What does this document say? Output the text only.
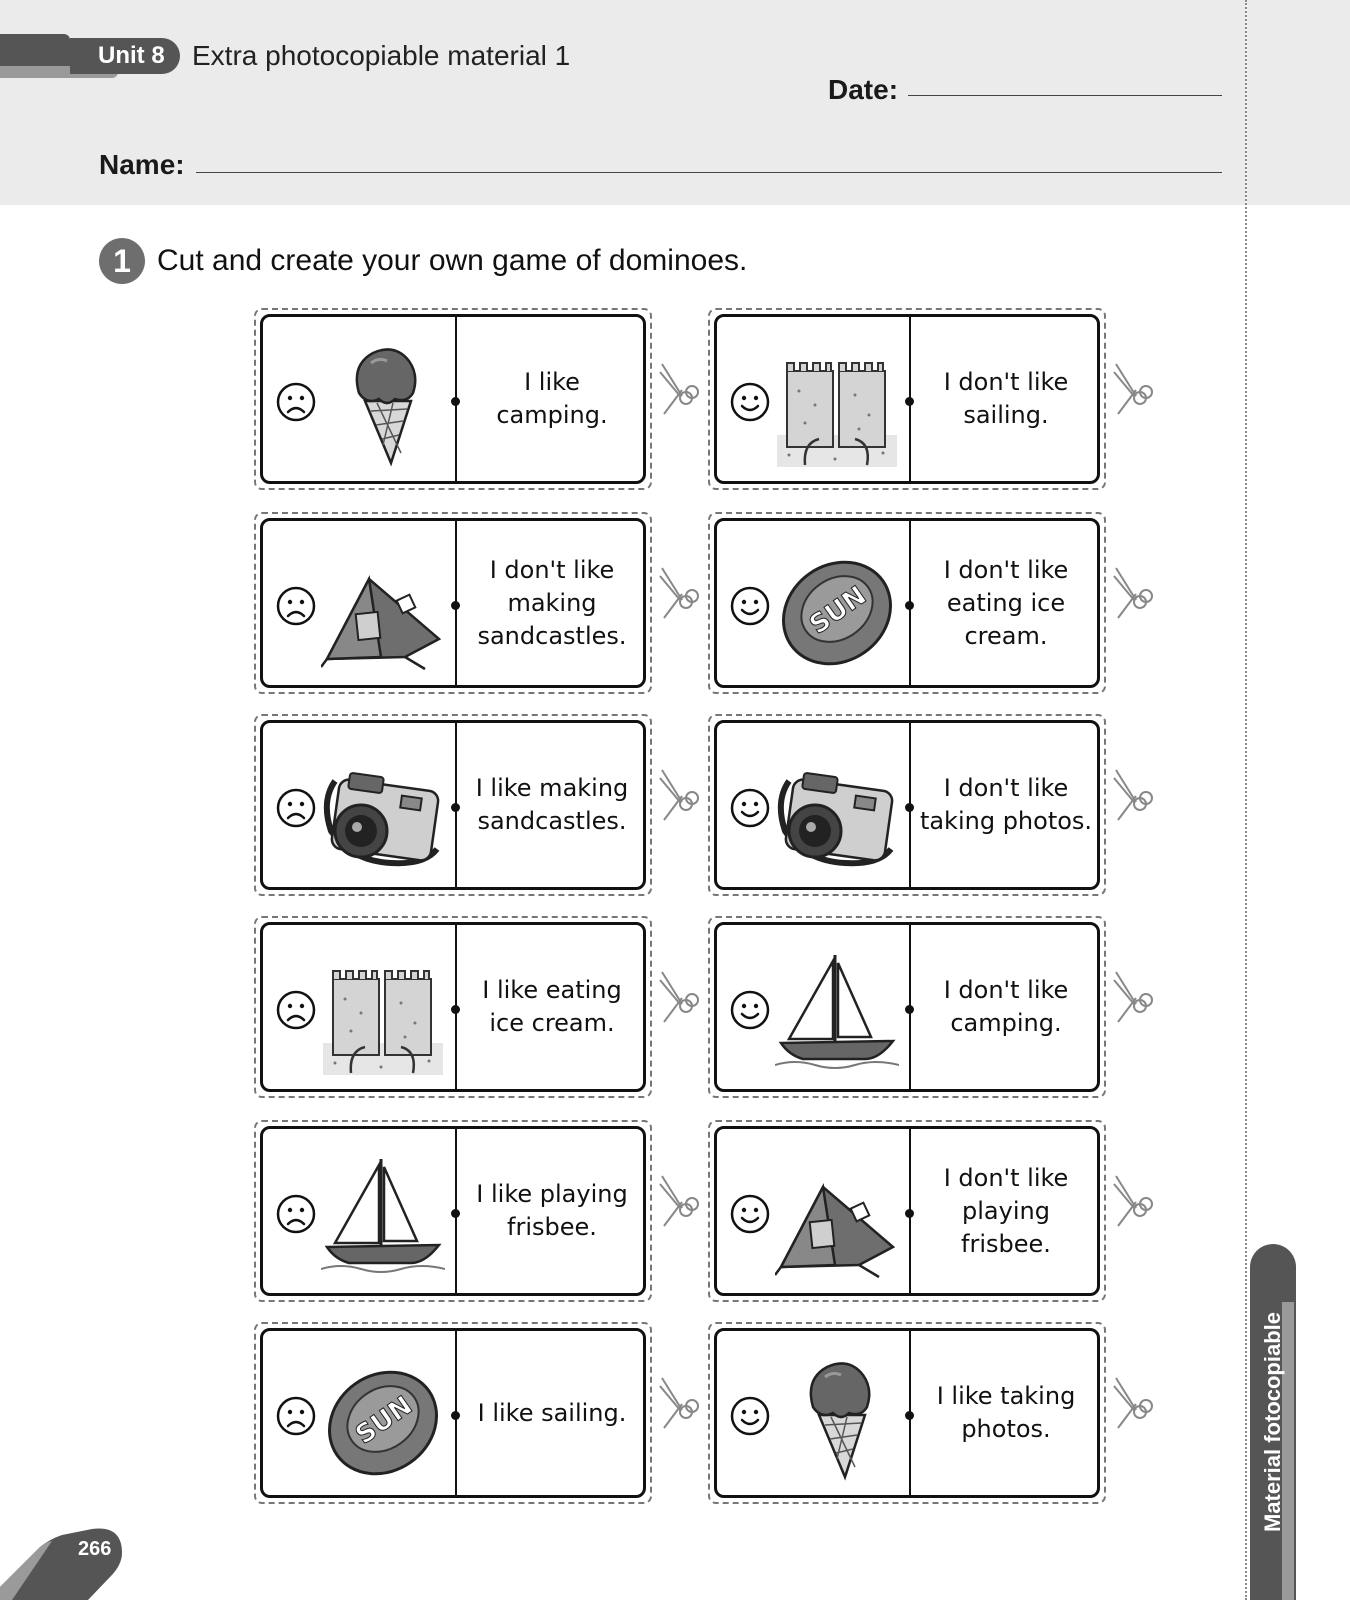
Unit 8 Extra photocopiable material 1
Date:
Name:
1 Cut and create your own game of dominoes.
I like camping.
I don't like sailing.
I don't like making sandcastles.	SUN
I don't like eating ice cream.
I like making sandcastles.
I don't like taking photos.
I like eating ice cream.
I don't like camping.
I like playing frisbee.
I don't like playing frisbee.
SUN	I like sailing.
I like taking photos.	Material fotocopiable
266
